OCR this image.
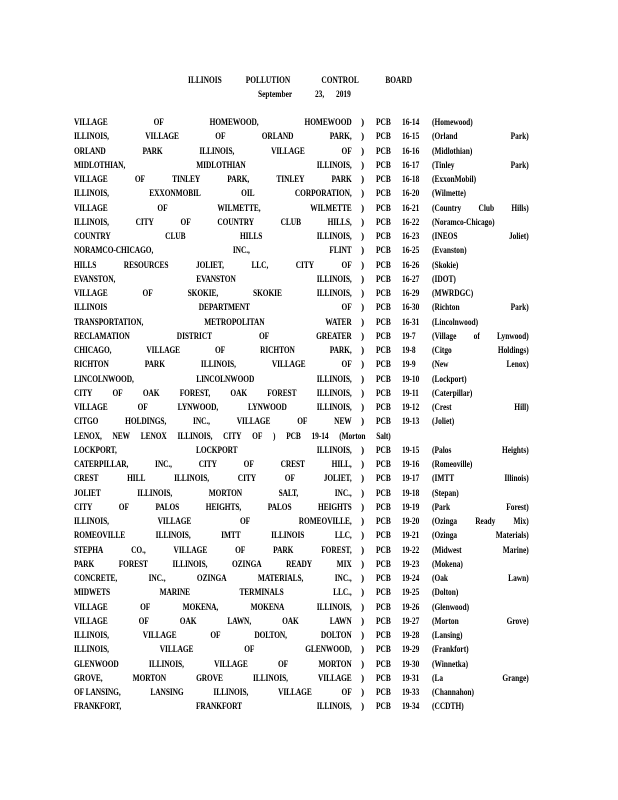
ILLINOIS	POLLUTION	CONTROL	BOARD
September 23, 2019
VILLAGE	OF	HOMEWOOD,	HOMEWOOD ) PCB 16-14 (Homewood)
ILLINOIS,	VILLAGE	OF	ORLAND	PARK, ) PCB 16-15 (Orland	Park)
ORLAND	PARK	ILLINOIS,	VILLAGE	OF ) PCB 16-16 (Midlothian)
MIDLOTHIAN,	MIDLOTHIAN	ILLINOIS, ) PCB 16-17 (Tinley	Park)
VILLAGE	OF	TINLEY	PARK,	TINLEY	PARK ) PCB 16-18 (ExxonMobil)
ILLINOIS,	EXXONMOBIL	OIL	CORPORATION, ) PCB 16-20 (Wilmette)
VILLAGE	OF	WILMETTE,	WILMETTE ) PCB 16-21 (Country Club Hills)
ILLINOIS,	CITY	OF	COUNTRY	CLUB	HILLS, ) PCB 16-22 (Noramco-Chicago)
COUNTRY	CLUB	HILLS	ILLINOIS, ) PCB 16-23 (INEOS	Joliet)
NORAMCO-CHICAGO,	INC.,	FLINT ) PCB 16-25 (Evanston)
HILLS	RESOURCES	JOLIET,	LLC,	CITY	OF ) PCB 16-26 (Skokie)
EVANSTON,	EVANSTON	ILLINOIS, ) PCB 16-27 (IDOT)
VILLAGE	OF	SKOKIE,	SKOKIE	ILLINOIS, ) PCB 16-29 (MWRDGC)
ILLINOIS	DEPARTMENT	OF ) PCB 16-30 (Richton	Park)
TRANSPORTATION,	METROPOLITAN	WATER ) PCB 16-31 (Lincolnwood)
RECLAMATION	DISTRICT	OF	GREATER ) PCB 19-7 (Village of Lynwood)
CHICAGO,	VILLAGE	OF	RICHTON	PARK, ) PCB 19-8 (Citgo	Holdings)
RICHTON	PARK	ILLINOIS,	VILLAGE	OF ) PCB 19-9 (New	Lenox)
LINCOLNWOOD,	LINCOLNWOOD	ILLINOIS, ) PCB 19-10 (Lockport)
CITY OF OAK FOREST, OAK FOREST ILLINOIS, ) PCB 19-11 (Caterpillar)
VILLAGE	OF	LYNWOOD,	LYNWOOD	ILLINOIS, ) PCB 19-12 (Crest	Hill)
CITGO	HOLDINGS,	INC.,	VILLAGE	OF	NEW ) PCB 19-13 (Joliet)
LENOX, NEW LENOX ILLINOIS, CITY OF ) PCB 19-14 (Morton Salt)
LOCKPORT,	LOCKPORT	ILLINOIS, ) PCB 19-15 (Palos	Heights)
CATERPILLAR,	INC.,	CITY	OF	CREST	HILL, ) PCB 19-16 (Romeoville)
CREST	HILL	ILLINOIS,	CITY	OF	JOLIET, ) PCB 19-17 (IMTT	Illinois)
JOLIET	ILLINOIS,	MORTON	SALT,	INC., ) PCB 19-18 (Stepan)
CITY	OF	PALOS	HEIGHTS,	PALOS	HEIGHTS ) PCB 19-19 (Park	Forest)
ILLINOIS,	VILLAGE	OF	ROMEOVILLE, ) PCB 19-20 (Ozinga Ready Mix)
ROMEOVILLE	ILLINOIS,	IMTT	ILLINOIS	LLC, ) PCB 19-21 (Ozinga	Materials)
STEPHA	CO.,	VILLAGE	OF	PARK	FOREST, ) PCB 19-22 (Midwest	Marine)
PARK	FOREST	ILLINOIS,	OZINGA	READY	MIX ) PCB 19-23 (Mokena)
CONCRETE,	INC.,	OZINGA	MATERIALS,	INC., ) PCB 19-24 (Oak	Lawn)
MIDWETS	MARINE	TERMINALS	LLC., ) PCB 19-25 (Dolton)
VILLAGE	OF	MOKENA,	MOKENA	ILLINOIS, ) PCB 19-26 (Glenwood)
VILLAGE	OF	OAK	LAWN,	OAK	LAWN ) PCB 19-27 (Morton	Grove)
ILLINOIS,	VILLAGE	OF	DOLTON,	DOLTON ) PCB 19-28 (Lansing)
ILLINOIS,	VILLAGE	OF	GLENWOOD, ) PCB 19-29 (Frankfort)
GLENWOOD	ILLINOIS,	VILLAGE	OF	MORTON ) PCB 19-30 (Winnetka)
GROVE,	MORTON	GROVE	ILLINOIS,	VILLAGE ) PCB 19-31 (La	Grange)
OF LANSING,	LANSING	ILLINOIS,	VILLAGE	OF ) PCB 19-33 (Channahon)
FRANKFORT,	FRANKFORT	ILLINOIS, ) PCB 19-34 (CCDTH)
